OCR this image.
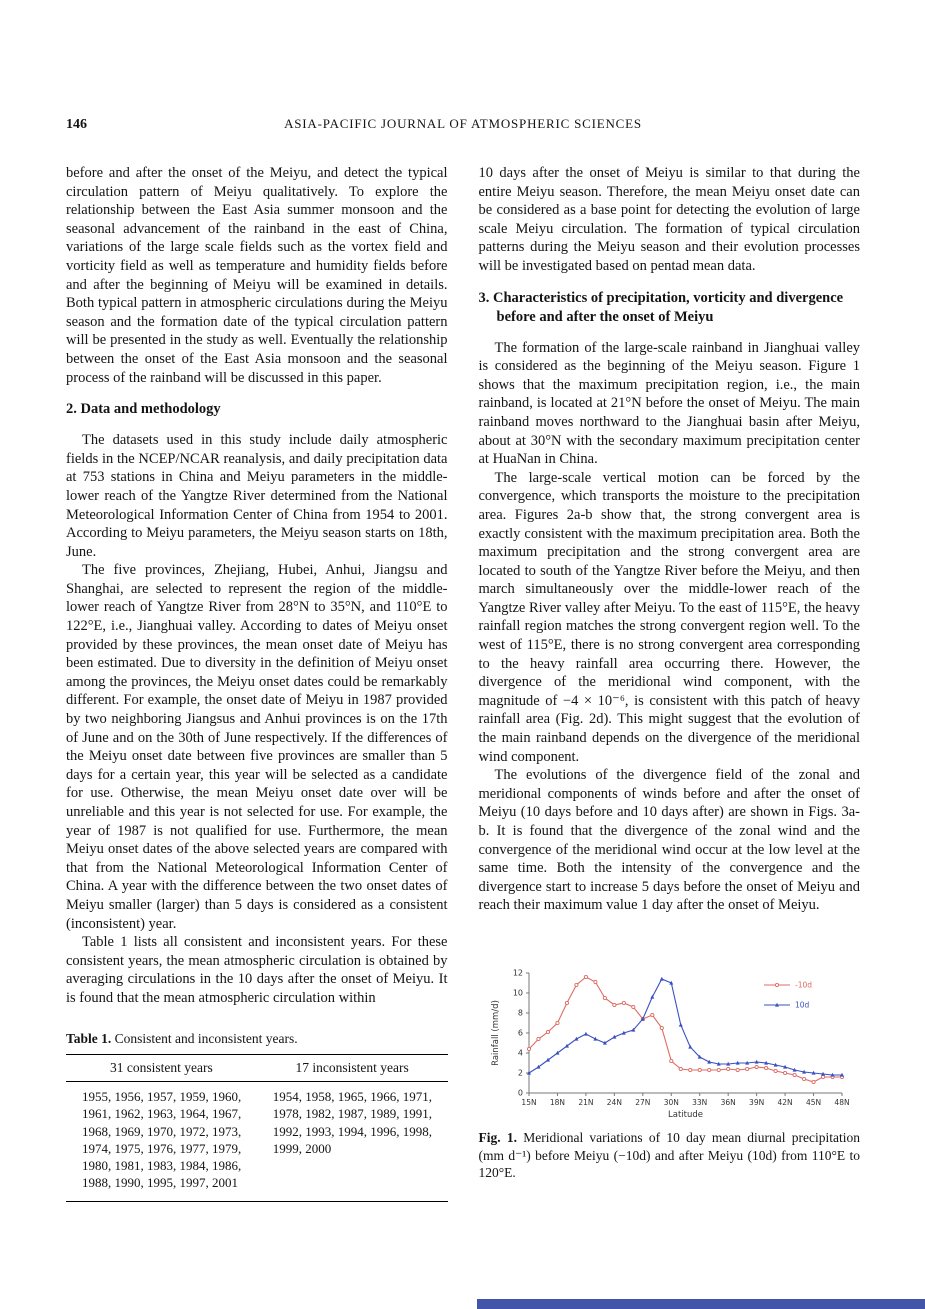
146	ASIA-PACIFIC JOURNAL OF ATMOSPHERIC SCIENCES

before and after the onset of the Meiyu, and detect the typical circulation pattern of Meiyu qualitatively. To explore the relationship between the East Asia summer monsoon and the seasonal advancement of the rainband in the east of China, variations of the large scale fields such as the vortex field and vorticity field as well as temperature and humidity fields before and after the beginning of Meiyu will be examined in details. Both typical pattern in atmospheric circulations during the Meiyu season and the formation date of the typical circulation pattern will be presented in the study as well. Eventually the relationship between the onset of the East Asia monsoon and the seasonal process of the rainband will be discussed in this paper.

2. Data and methodology

The datasets used in this study include daily atmospheric fields in the NCEP/NCAR reanalysis, and daily precipitation data at 753 stations in China and Meiyu parameters in the middle-lower reach of the Yangtze River determined from the National Meteorological Information Center of China from 1954 to 2001. According to Meiyu parameters, the Meiyu season starts on 18th, June.

The five provinces, Zhejiang, Hubei, Anhui, Jiangsu and Shanghai, are selected to represent the region of the middle-lower reach of Yangtze River from 28°N to 35°N, and 110°E to 122°E, i.e., Jianghuai valley. According to dates of Meiyu onset provided by these provinces, the mean onset date of Meiyu has been estimated. Due to diversity in the definition of Meiyu onset among the provinces, the Meiyu onset dates could be remarkably different. For example, the onset date of Meiyu in 1987 provided by two neighboring Jiangsus and Anhui provinces is on the 17th of June and on the 30th of June respectively. If the differences of the Meiyu onset date between five provinces are smaller than 5 days for a certain year, this year will be selected as a candidate for use. Otherwise, the mean Meiyu onset date over will be unreliable and this year is not selected for use. For example, the year of 1987 is not qualified for use. Furthermore, the mean Meiyu onset dates of the above selected years are compared with that from the National Meteorological Information Center of China. A year with the difference between the two onset dates of Meiyu smaller (larger) than 5 days is considered as a consistent (inconsistent) year.

Table 1 lists all consistent and inconsistent years. For these consistent years, the mean atmospheric circulation is obtained by averaging circulations in the 10 days after the onset of Meiyu. It is found that the mean atmospheric circulation within

Table 1. Consistent and inconsistent years.
31 consistent years	17 inconsistent years
1955, 1956, 1957, 1959, 1960, 1961, 1962, 1963, 1964, 1967, 1968, 1969, 1970, 1972, 1973, 1974, 1975, 1976, 1977, 1979, 1980, 1981, 1983, 1984, 1986, 1988, 1990, 1995, 1997, 2001	1954, 1958, 1965, 1966, 1971, 1978, 1982, 1987, 1989, 1991, 1992, 1993, 1994, 1996, 1998, 1999, 2000

10 days after the onset of Meiyu is similar to that during the entire Meiyu season. Therefore, the mean Meiyu onset date can be considered as a base point for detecting the evolution of large scale Meiyu circulation. The formation of typical circulation patterns during the Meiyu season and their evolution processes will be investigated based on pentad mean data.

3. Characteristics of precipitation, vorticity and divergence before and after the onset of Meiyu

The formation of the large-scale rainband in Jianghuai valley is considered as the beginning of the Meiyu season. Figure 1 shows that the maximum precipitation region, i.e., the main rainband, is located at 21°N before the onset of Meiyu. The main rainband moves northward to the Jianghuai basin after Meiyu, about at 30°N with the secondary maximum precipitation center at HuaNan in China.

The large-scale vertical motion can be forced by the convergence, which transports the moisture to the precipitation area. Figures 2a-b show that, the strong convergent area is exactly consistent with the maximum precipitation area. Both the maximum precipitation and the strong convergent area are located to south of the Yangtze River before the Meiyu, and then march simultaneously over the middle-lower reach of the Yangtze River valley after Meiyu. To the east of 115°E, the heavy rainfall region matches the strong convergent region well. To the west of 115°E, there is no strong convergent area corresponding to the heavy rainfall area occurring there. However, the divergence of the meridional wind component, with the magnitude of −4 × 10⁻⁶, is consistent with this patch of heavy rainfall area (Fig. 2d). This might suggest that the evolution of the main rainband depends on the divergence of the meridional wind component.

The evolutions of the divergence field of the zonal and meridional components of winds before and after the onset of Meiyu (10 days before and 10 days after) are shown in Figs. 3a-b. It is found that the divergence of the zonal wind and the convergence of the meridional wind occur at the low level at the same time. Both the intensity of the convergence and the divergence start to increase 5 days before the onset of Meiyu and reach their maximum value 1 day after the onset of Meiyu.

0
2
4
6
8
10
12
15N 18N 21N 24N 27N 30N 33N 36N 39N 42N 45N 48N
Latitude
Rainfall (mm/d)
-10d
10d

Fig. 1. Meridional variations of 10 day mean diurnal precipitation (mm d⁻¹) before Meiyu (−10d) and after Meiyu (10d) from 110°E to 120°E.
